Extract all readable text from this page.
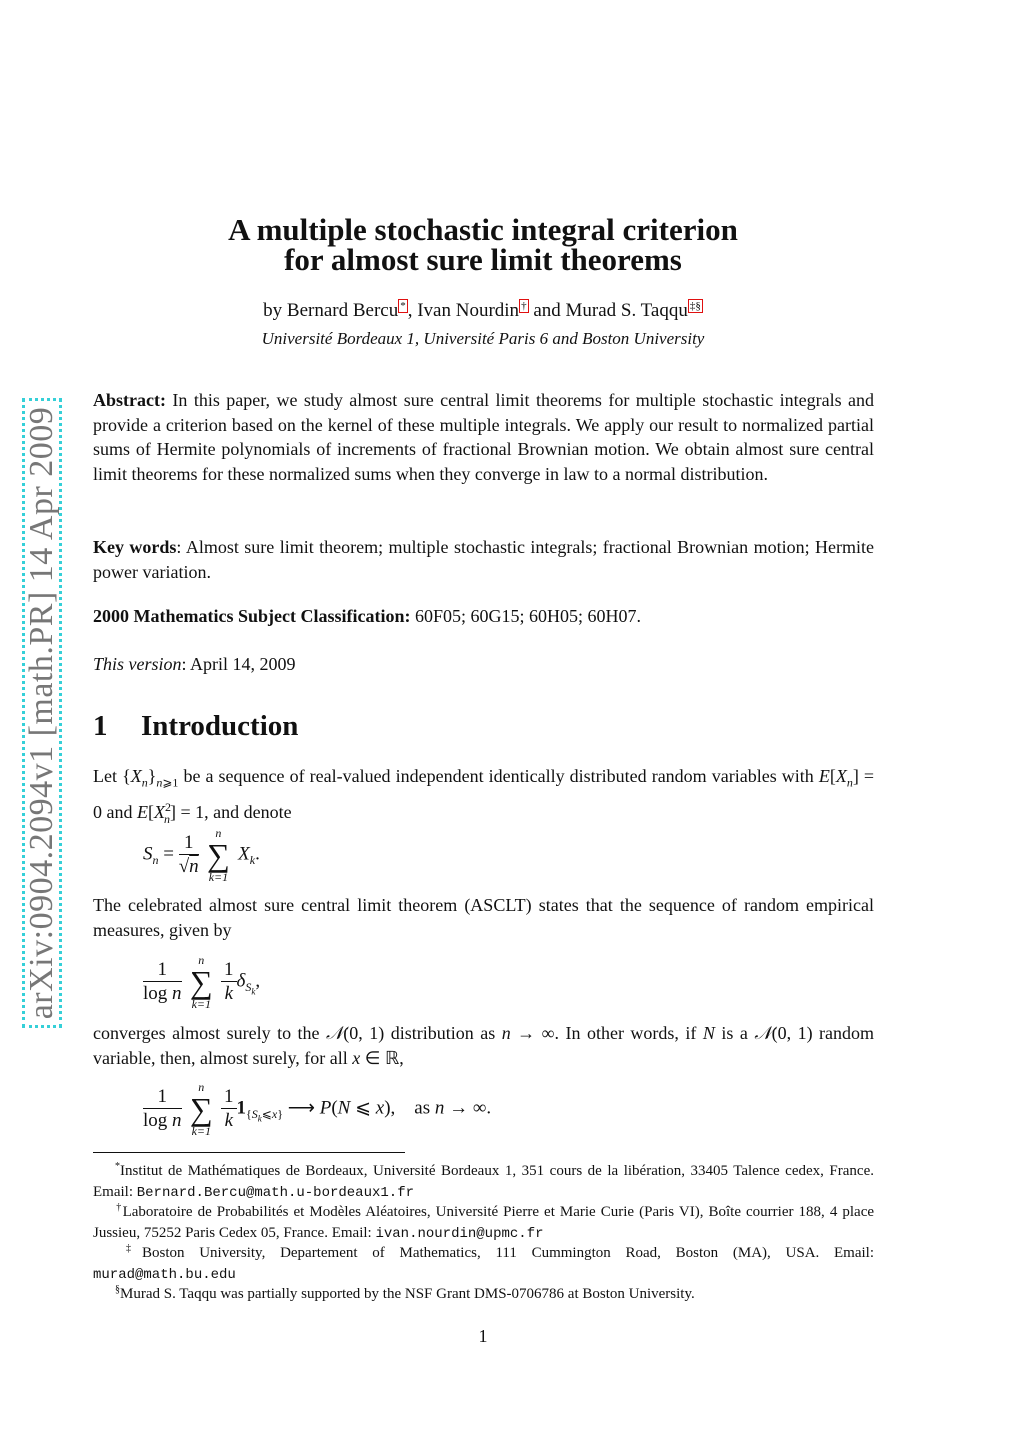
arXiv:0904.2094v1 [math.PR] 14 Apr 2009
A multiple stochastic integral criterion
for almost sure limit theorems
by Bernard Bercu * , Ivan Nourdin † and Murad S. Taqqu ‡§
Université Bordeaux 1, Université Paris 6 and Boston University
Abstract: In this paper, we study almost sure central limit theorems for multiple stochastic integrals and provide a criterion based on the kernel of these multiple integrals. We apply our result to normalized partial sums of Hermite polynomials of increments of fractional Brownian motion. We obtain almost sure central limit theorems for these normalized sums when they converge in law to a normal distribution.
Key words: Almost sure limit theorem; multiple stochastic integrals; fractional Brownian motion; Hermite power variation.
2000 Mathematics Subject Classification: 60F05; 60G15; 60H05; 60H07.
This version: April 14, 2009
1 Introduction
Let $\{X_n\}_{n⩾1}$ be a sequence of real-valued independent identically distributed random variables with $E[X_n] = 0$ and $E[X^2_n] = 1$, and denote
$S_n = \frac{1}{√n}$
	n
∑
k=1
$X_k$.
The celebrated almost sure central limit theorem (ASCLT) states that the sequence of random empirical measures, given by
$\frac{1}{\text{log n}}$
	n
∑
k=1
$\frac{1}{k} \delta_{S_k}$,
converges almost surely to the 𝒩(0, 1) distribution as n → ∞. In other words, if N is a 𝒩(0, 1) random variable, then, almost surely, for all x ∈ ℝ,
$\frac{1}{\text{log n}}$
	n
∑
k=1
$\frac{1}{k} 1_{\{S_k⩽x\}}$ ⟶ P(N ⩽ x),    as n → ∞.
*Institut de Mathématiques de Bordeaux, Université Bordeaux 1, 351 cours de la libération, 33405 Talence cedex, France. Email: Bernard.Bercu@math.u-bordeaux1.fr
†Laboratoire de Probabilités et Modèles Aléatoires, Université Pierre et Marie Curie (Paris VI), Boîte courrier 188, 4 place Jussieu, 75252 Paris Cedex 05, France. Email: ivan.nourdin@upmc.fr
‡Boston University, Departement of Mathematics, 111 Cummington Road, Boston (MA), USA. Email: murad@math.bu.edu
§Murad S. Taqqu was partially supported by the NSF Grant DMS-0706786 at Boston University.
1
